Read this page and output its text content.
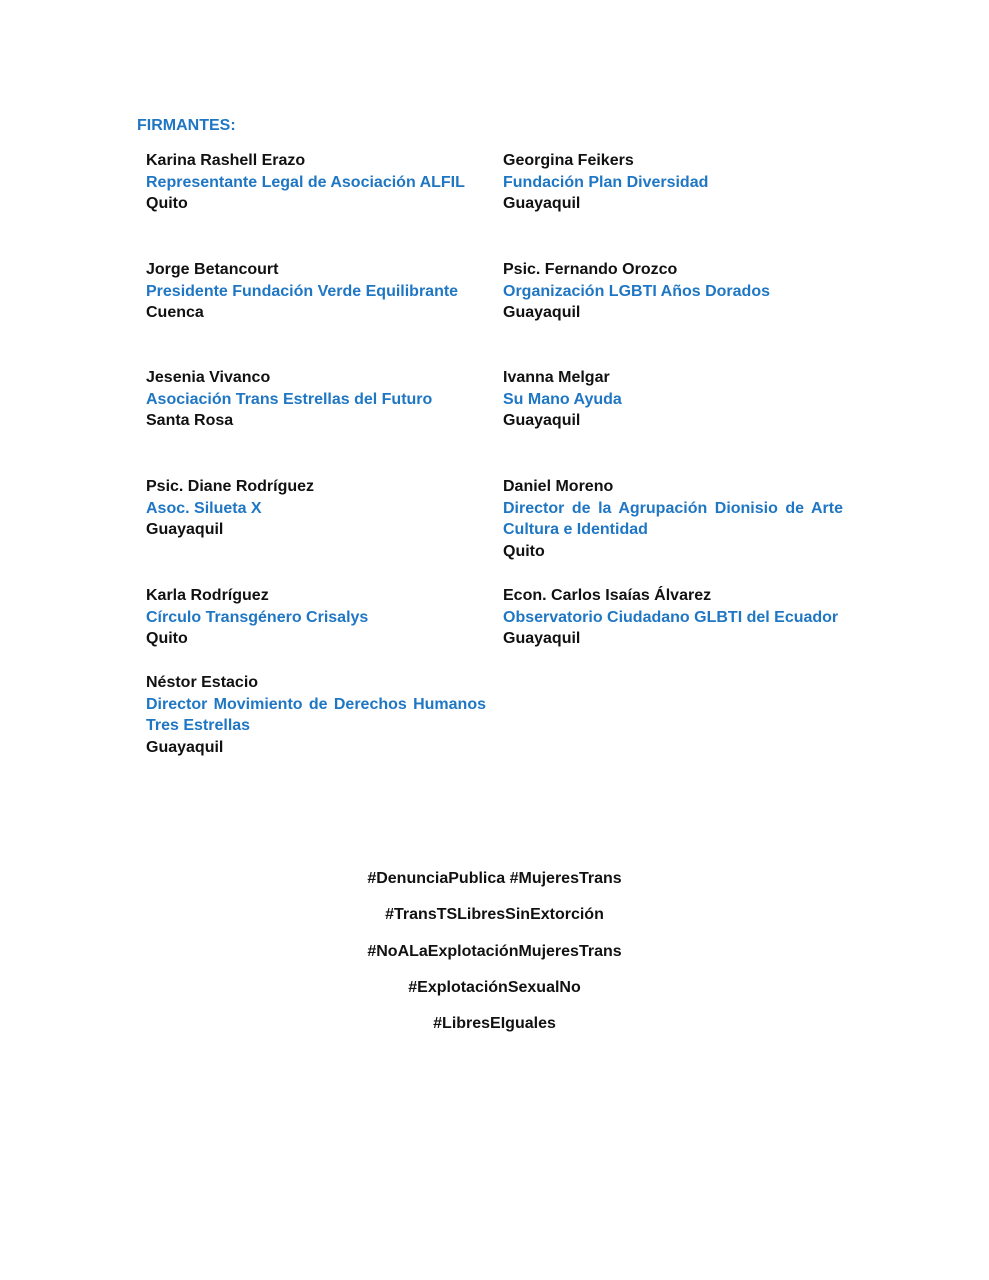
FIRMANTES:
Karina Rashell Erazo
Representante Legal de Asociación ALFIL
Quito
Georgina Feikers
Fundación Plan Diversidad
Guayaquil
Jorge Betancourt
Presidente Fundación Verde Equilibrante
Cuenca
Psic. Fernando Orozco
Organización LGBTI Años Dorados
Guayaquil
Jesenia Vivanco
Asociación Trans Estrellas del Futuro
Santa Rosa
Ivanna Melgar
Su Mano Ayuda
Guayaquil
Psic. Diane Rodríguez
Asoc. Silueta X
Guayaquil
Daniel Moreno
Director de la Agrupación Dionisio de Arte Cultura e Identidad
Quito
Karla Rodríguez
Círculo Transgénero Crisalys
Quito
Econ. Carlos Isaías Álvarez
Observatorio Ciudadano GLBTI del Ecuador
Guayaquil
Néstor Estacio
Director Movimiento de Derechos Humanos Tres Estrellas
Guayaquil
#DenunciaPublica #MujeresTrans
#TransTSLibresSinExtorción
#NoALaExplotaciónMujeresTrans
#ExplotaciónSexualNo
#LibresEIguales
